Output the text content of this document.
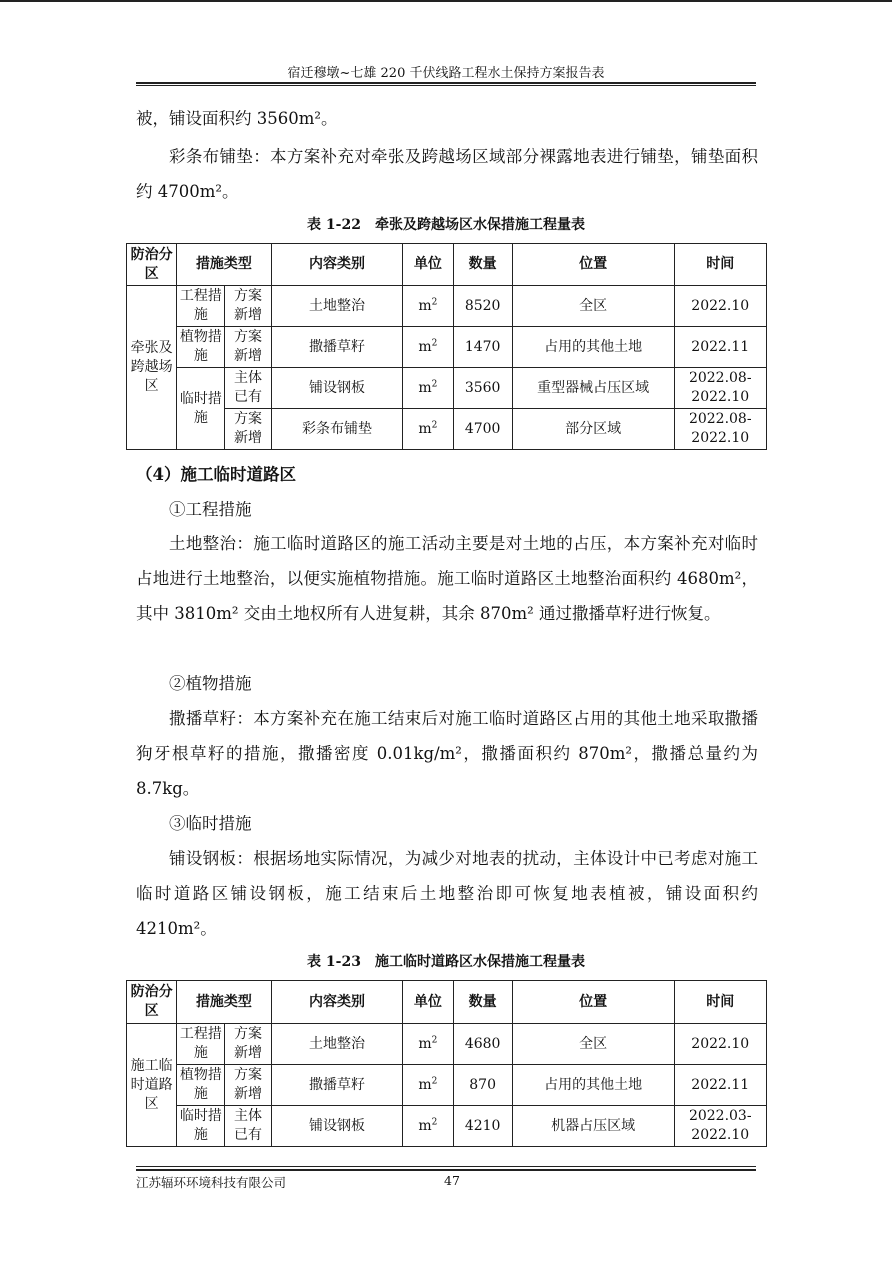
宿迁穆墩~七雄 220 千伏线路工程水土保持方案报告表
被，铺设面积约 3560m²。
彩条布铺垫：本方案补充对牵张及跨越场区域部分裸露地表进行铺垫，铺垫面积约 4700m²。
表 1-22　牵张及跨越场区水保措施工程量表
防治分区	措施类型		内容类别	单位	数量	位置	时间
牵张及跨越场区	工程措施	方案新增	土地整治	$m^2$	8520	全区	2022.10
	植物措施	方案新增	撒播草籽	$m^2$	1470	占用的其他土地	2022.11
	临时措施	主体已有	铺设钢板	$m^2$	3560	重型器械占压区域	2022.08-2022.10
		方案新增	彩条布铺垫	$m^2$	4700	部分区域	2022.08-2022.10
（4）施工临时道路区
①工程措施
土地整治：施工临时道路区的施工活动主要是对土地的占压，本方案补充对临时占地进行土地整治，以便实施植物措施。施工临时道路区土地整治面积约 4680m²，其中 3810m² 交由土地权所有人进复耕，其余 870m² 通过撒播草籽进行恢复。
②植物措施
撒播草籽：本方案补充在施工结束后对施工临时道路区占用的其他土地采取撒播狗牙根草籽的措施，撒播密度 0.01kg/m²，撒播面积约 870m²，撒播总量约为 8.7kg。
③临时措施
铺设钢板：根据场地实际情况，为减少对地表的扰动，主体设计中已考虑对施工临时道路区铺设钢板，施工结束后土地整治即可恢复地表植被，铺设面积约 4210m²。
表 1-23　施工临时道路区水保措施工程量表
防治分区	措施类型		内容类别	单位	数量	位置	时间
施工临时道路区	工程措施	方案新增	土地整治	$m^2$	4680	全区	2022.10
	植物措施	方案新增	撒播草籽	$m^2$	870	占用的其他土地	2022.11
	临时措施	主体已有	铺设钢板	$m^2$	4210	机器占压区域	2022.03-2022.10
江苏辐环环境科技有限公司	47
